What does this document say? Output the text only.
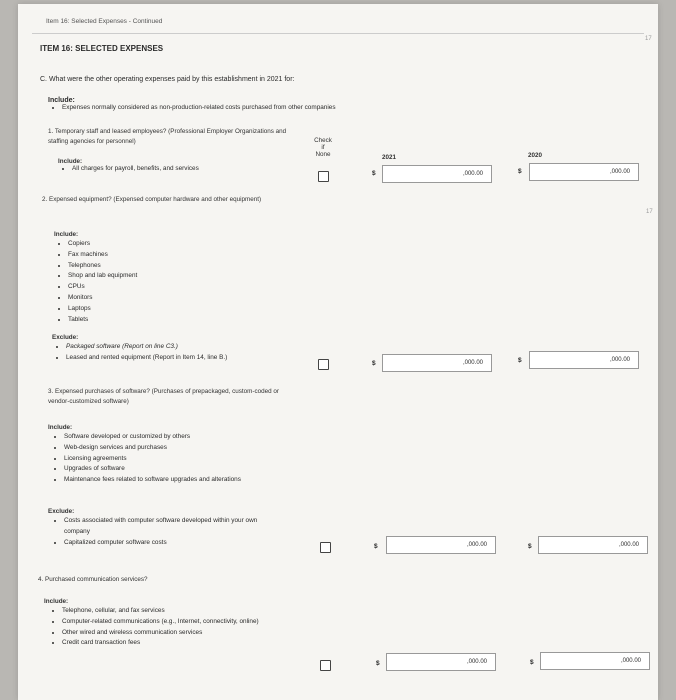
Item 16: Selected Expenses - Continued
17
17
ITEM 16: SELECTED EXPENSES
C. What were the other operating expenses paid by this establishment in 2021 for:
Include:
• Expenses normally considered as non-production-related costs purchased from other companies
1. Temporary staff and leased employees? (Professional Employer Organizations and staffing agencies for personnel)
Include:
• All charges for payroll, benefits, and services
Check
if
None	2021	2020
$	,000.00	$	,000.00
2. Expensed equipment? (Expensed computer hardware and other equipment)
Include:
• Copiers
• Fax machines
• Telephones
• Shop and lab equipment
• CPUs
• Monitors
• Laptops
• Tablets
Exclude:
• Packaged software (Report on line C3.)
• Leased and rented equipment (Report in Item 14, line B.)
$	,000.00	$	,000.00
3. Expensed purchases of software? (Purchases of prepackaged, custom-coded or vendor-customized software)
Include:
• Software developed or customized by others
• Web-design services and purchases
• Licensing agreements
• Upgrades of software
• Maintenance fees related to software upgrades and alterations
Exclude:
• Costs associated with computer software developed within your own company
• Capitalized computer software costs
$	,000.00	$	,000.00
4. Purchased communication services?
Include:
• Telephone, cellular, and fax services
• Computer-related communications (e.g., Internet, connectivity, online)
• Other wired and wireless communication services
• Credit card transaction fees
$	,000.00	$	,000.00
